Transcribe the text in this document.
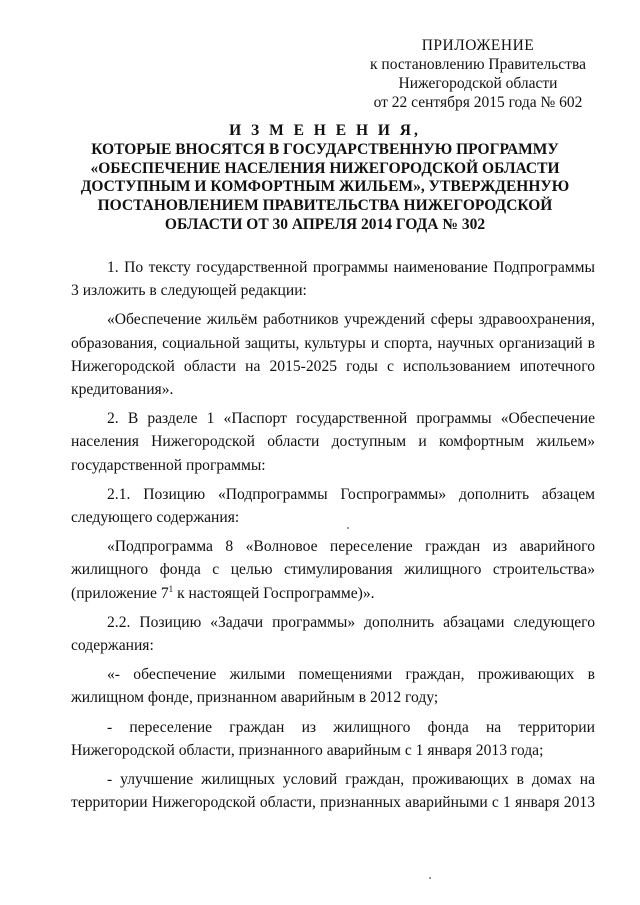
ПРИЛОЖЕНИЕ
к постановлению Правительства
Нижегородской области
от 22 сентября 2015 года № 602
И З М Е Н Е Н И Я,
КОТОРЫЕ ВНОСЯТСЯ В ГОСУДАРСТВЕННУЮ ПРОГРАММУ «ОБЕСПЕЧЕНИЕ НАСЕЛЕНИЯ НИЖЕГОРОДСКОЙ ОБЛАСТИ ДОСТУПНЫМ И КОМФОРТНЫМ ЖИЛЬЕМ», УТВЕРЖДЕННУЮ ПОСТАНОВЛЕНИЕМ ПРАВИТЕЛЬСТВА НИЖЕГОРОДСКОЙ ОБЛАСТИ ОТ 30 АПРЕЛЯ 2014 ГОДА № 302

1. По тексту государственной программы наименование Подпрограммы 3 изложить в следующей редакции:

«Обеспечение жильём работников учреждений сферы здравоохранения, образования, социальной защиты, культуры и спорта, научных организаций в Нижегородской области на 2015-2025 годы с использованием ипотечного кредитования».

2. В разделе 1 «Паспорт государственной программы «Обеспечение населения Нижегородской области доступным и комфортным жильем» государственной программы:

2.1. Позицию «Подпрограммы Госпрограммы» дополнить абзацем следующего содержания:

«Подпрограмма 8 «Волновое переселение граждан из аварийного жилищного фонда с целью стимулирования жилищного строительства» (приложение $7^1$ к настоящей Госпрограмме)».

2.2. Позицию «Задачи программы» дополнить абзацами следующего содержания:

«- обеспечение жилыми помещениями граждан, проживающих в жилищном фонде, признанном аварийным в 2012 году;

- переселение граждан из жилищного фонда на территории Нижегородской области, признанного аварийным с 1 января 2013 года;

- улучшение жилищных условий граждан, проживающих в домах на территории Нижегородской области, признанных аварийными с 1 января 2013
